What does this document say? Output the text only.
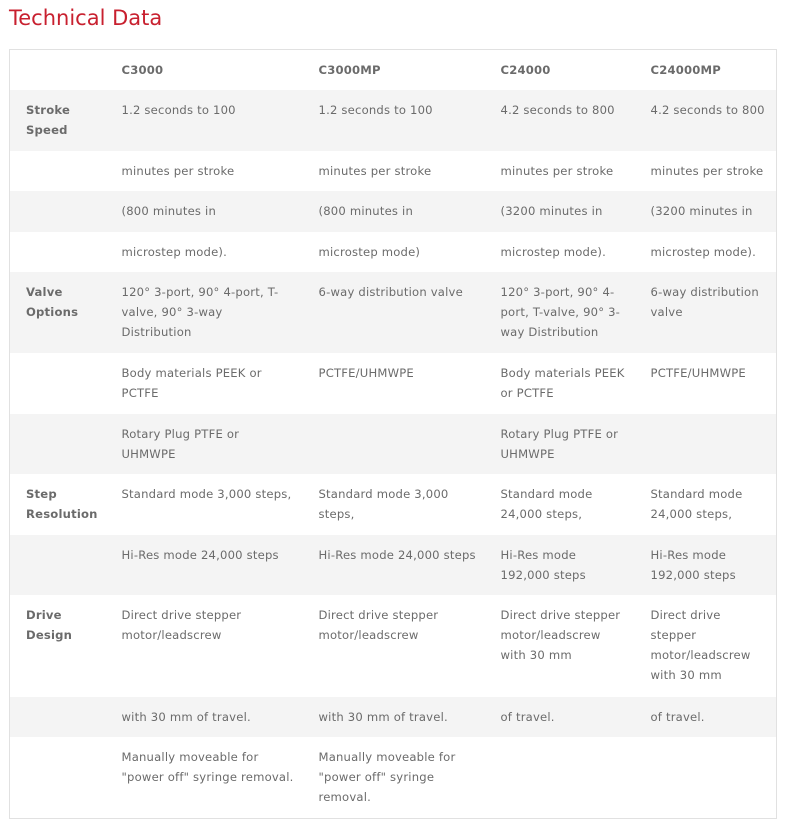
Technical Data
	C3000	C3000MP	C24000	C24000MP
Stroke Speed	1.2 seconds to 100	1.2 seconds to 100	4.2 seconds to 800	4.2 seconds to 800
	minutes per stroke	minutes per stroke	minutes per stroke	minutes per stroke
	(800 minutes in	(800 minutes in	(3200 minutes in	(3200 minutes in
	microstep mode).	microstep mode)	microstep mode).	microstep mode).
Valve Options	120° 3-port, 90° 4-port, T-valve, 90° 3-way Distribution	6-way distribution valve	120° 3-port, 90° 4-port, T-valve, 90° 3-way Distribution	6-way distribution valve
	Body materials PEEK or PCTFE	PCTFE/UHMWPE	Body materials PEEK or PCTFE	PCTFE/UHMWPE
	Rotary Plug PTFE or UHMWPE		Rotary Plug PTFE or UHMWPE	
Step Resolution	Standard mode 3,000 steps,	Standard mode 3,000 steps,	Standard mode 24,000 steps,	Standard mode 24,000 steps,
	Hi-Res mode 24,000 steps	Hi-Res mode 24,000 steps	Hi-Res mode 192,000 steps	Hi-Res mode 192,000 steps
Drive Design	Direct drive stepper motor/leadscrew	Direct drive stepper motor/leadscrew	Direct drive stepper motor/leadscrew with 30 mm	Direct drive stepper motor/leadscrew with 30 mm
	with 30 mm of travel.	with 30 mm of travel.	of travel.	of travel.
	Manually moveable for "power off" syringe removal.	Manually moveable for "power off" syringe removal.		
